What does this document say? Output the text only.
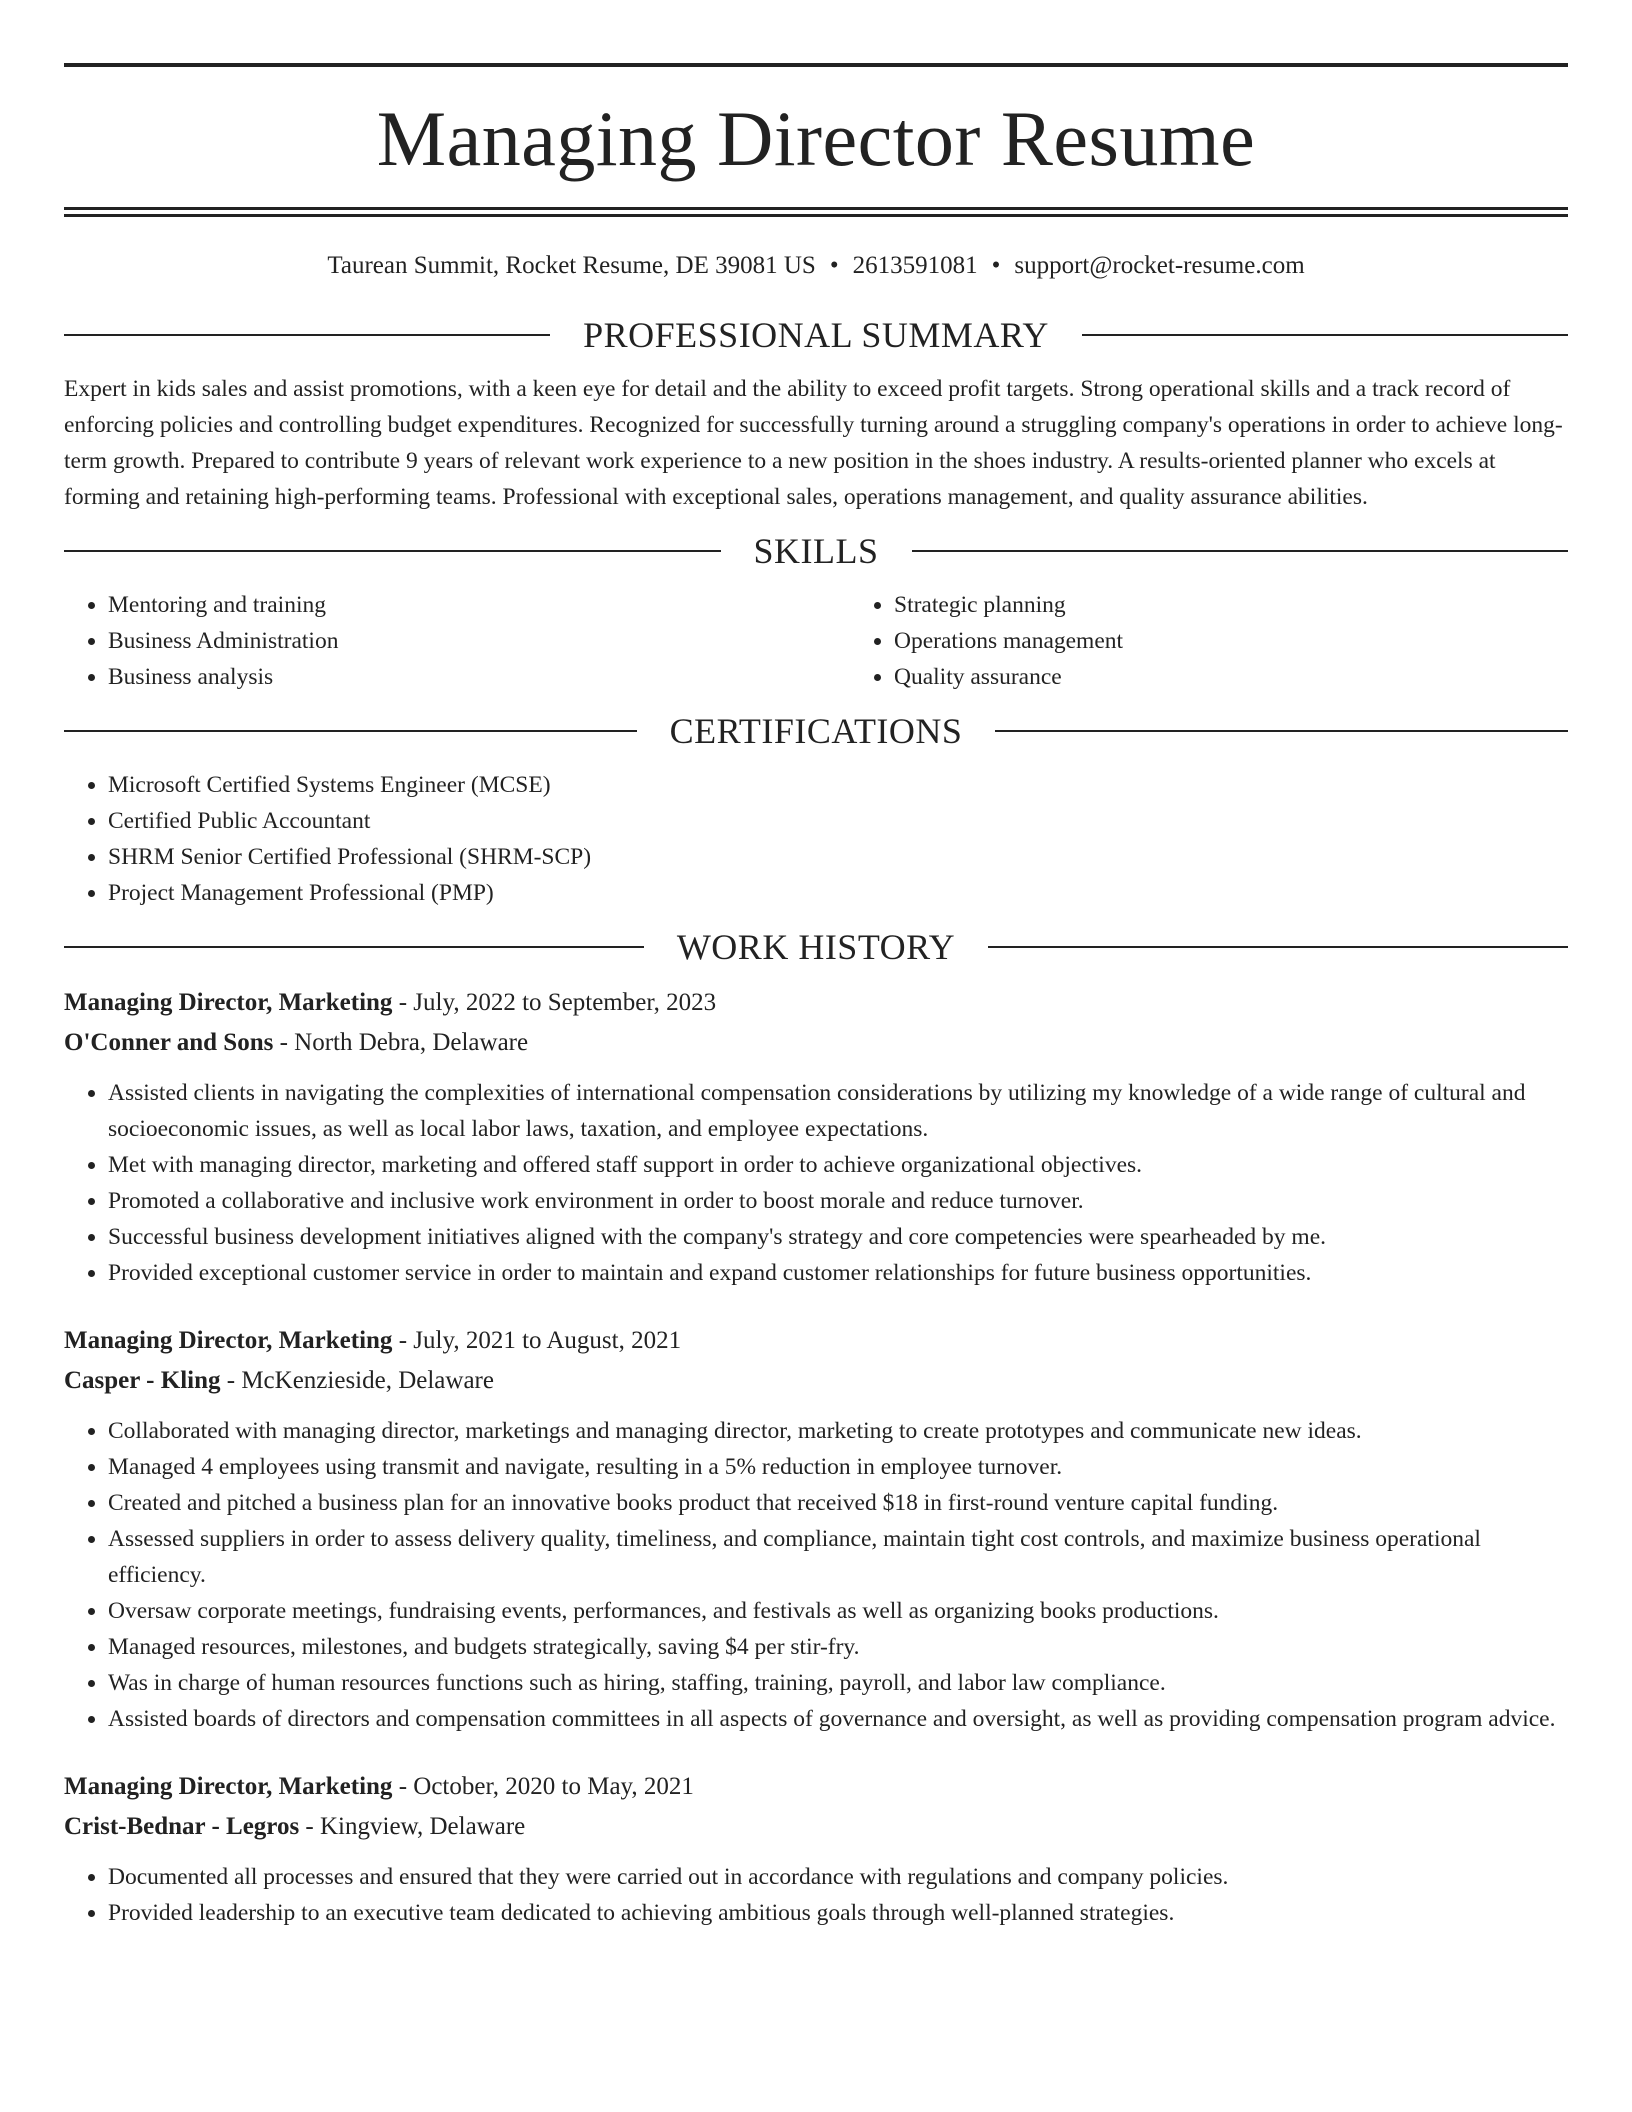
Managing Director Resume
Taurean Summit, Rocket Resume, DE 39081 US • 2613591081 • support@rocket-resume.com
PROFESSIONAL SUMMARY
Expert in kids sales and assist promotions, with a keen eye for detail and the ability to exceed profit targets. Strong operational skills and a track record of enforcing policies and controlling budget expenditures. Recognized for successfully turning around a struggling company's operations in order to achieve long-term growth. Prepared to contribute 9 years of relevant work experience to a new position in the shoes industry. A results-oriented planner who excels at forming and retaining high-performing teams. Professional with exceptional sales, operations management, and quality assurance abilities.
SKILLS
• Mentoring and training
• Business Administration
• Business analysis
• Strategic planning
• Operations management
• Quality assurance
CERTIFICATIONS
• Microsoft Certified Systems Engineer (MCSE)
• Certified Public Accountant
• SHRM Senior Certified Professional (SHRM-SCP)
• Project Management Professional (PMP)
WORK HISTORY
Managing Director, Marketing - July, 2022 to September, 2023
O'Conner and Sons - North Debra, Delaware
• Assisted clients in navigating the complexities of international compensation considerations by utilizing my knowledge of a wide range of cultural and socioeconomic issues, as well as local labor laws, taxation, and employee expectations.
• Met with managing director, marketing and offered staff support in order to achieve organizational objectives.
• Promoted a collaborative and inclusive work environment in order to boost morale and reduce turnover.
• Successful business development initiatives aligned with the company's strategy and core competencies were spearheaded by me.
• Provided exceptional customer service in order to maintain and expand customer relationships for future business opportunities.
Managing Director, Marketing - July, 2021 to August, 2021
Casper - Kling - McKenzieside, Delaware
• Collaborated with managing director, marketings and managing director, marketing to create prototypes and communicate new ideas.
• Managed 4 employees using transmit and navigate, resulting in a 5% reduction in employee turnover.
• Created and pitched a business plan for an innovative books product that received $18 in first-round venture capital funding.
• Assessed suppliers in order to assess delivery quality, timeliness, and compliance, maintain tight cost controls, and maximize business operational efficiency.
• Oversaw corporate meetings, fundraising events, performances, and festivals as well as organizing books productions.
• Managed resources, milestones, and budgets strategically, saving $4 per stir-fry.
• Was in charge of human resources functions such as hiring, staffing, training, payroll, and labor law compliance.
• Assisted boards of directors and compensation committees in all aspects of governance and oversight, as well as providing compensation program advice.
Managing Director, Marketing - October, 2020 to May, 2021
Crist-Bednar - Legros - Kingview, Delaware
• Documented all processes and ensured that they were carried out in accordance with regulations and company policies.
• Provided leadership to an executive team dedicated to achieving ambitious goals through well-planned strategies.
